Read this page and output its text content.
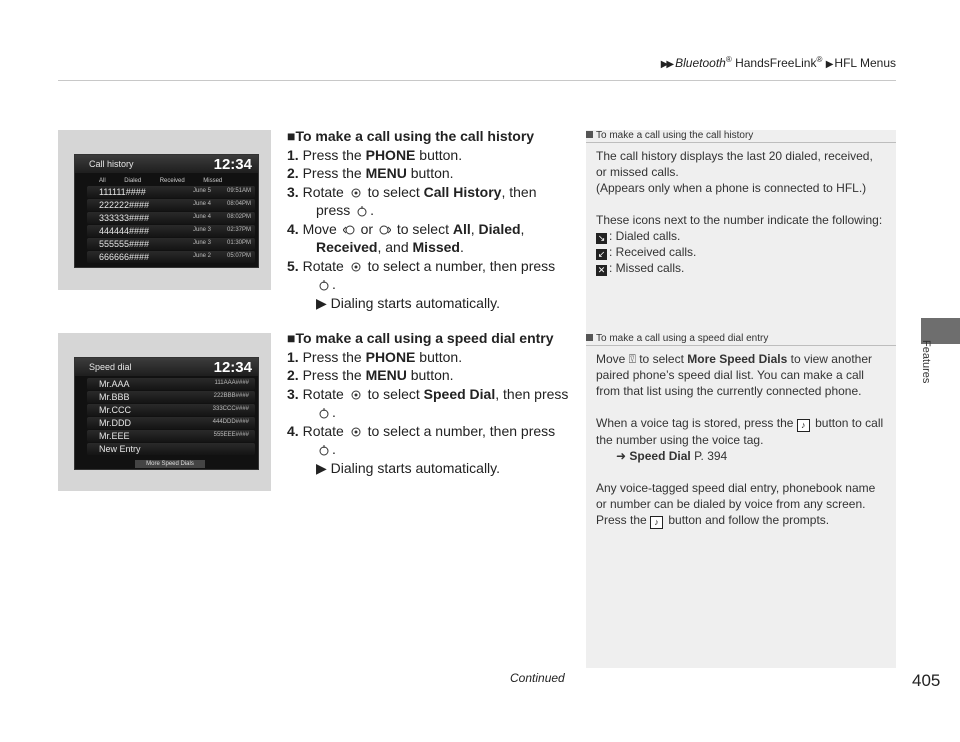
▶▶ Bluetooth® HandsFreeLink® ▶ HFL Menus
Features
Call history	12:34
All	Dialed	Received	Missed
111111####	June 5	09:51AM
222222####	June 4	08:04PM
333333####	June 4	08:02PM
444444####	June 3	02:37PM
555555####	June 3	01:30PM
666666####	June 2	05:07PM
Speed dial	12:34
Mr.AAA	111AAA####
Mr.BBB	222BBB####
Mr.CCC	333CCC####
Mr.DDD	444DDD####
Mr.EEE	555EEE####
New Entry
More Speed Dials
■To make a call using the call history
1. Press the PHONE button.
2. Press the MENU button.
3. Rotate  to select Call History, then
press .
4. Move  or  to select All, Dialed,
Received, and Missed.
5. Rotate  to select a number, then press
.
▶ Dialing starts automatically.
■To make a call using a speed dial entry
1. Press the PHONE button.
2. Press the MENU button.
3. Rotate  to select Speed Dial, then press
.
4. Rotate  to select a number, then press
.
▶ Dialing starts automatically.
To make a call using the call history

The call history displays the last 20 dialed, received, or missed calls.

(Appears only when a phone is connected to HFL.)

These icons next to the number indicate the following:

↘ : Dialed calls.

↙ : Received calls.

✕ : Missed calls.

To make a call using a speed dial entry

Move ⍔ to select More Speed Dials to view another paired phone’s speed dial list. You can make a call from that list using the currently connected phone.

When a voice tag is stored, press the ♪ button to call the number using the voice tag.

➜ Speed Dial P. 394

Any voice-tagged speed dial entry, phonebook name or number can be dialed by voice from any screen.

Press the ♪ button and follow the prompts.

Continued	405
